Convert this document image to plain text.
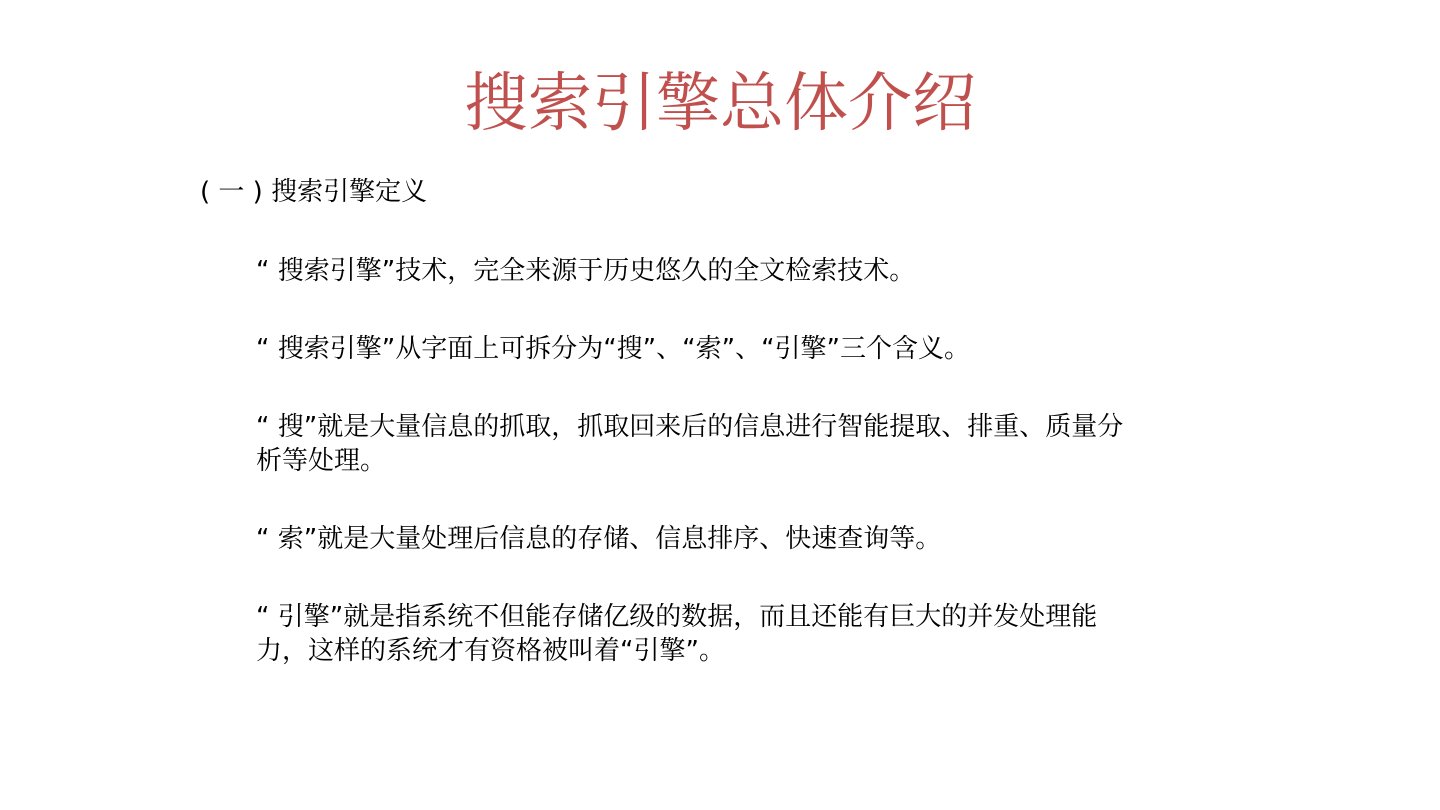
搜索引擎总体介绍
( 一 ) 搜索引擎定义
“ 搜索引擎”技术，完全来源于历史悠久的全文检索技术。
“ 搜索引擎”从字面上可拆分为“搜”、“索”、“引擎”三个含义。
“ 搜”就是大量信息的抓取，抓取回来后的信息进行智能提取、排重、质量分析等处理。
“ 索”就是大量处理后信息的存储、信息排序、快速查询等。
“ 引擎”就是指系统不但能存储亿级的数据，而且还能有巨大的并发处理能力，这样的系统才有资格被叫着“引擎”。
